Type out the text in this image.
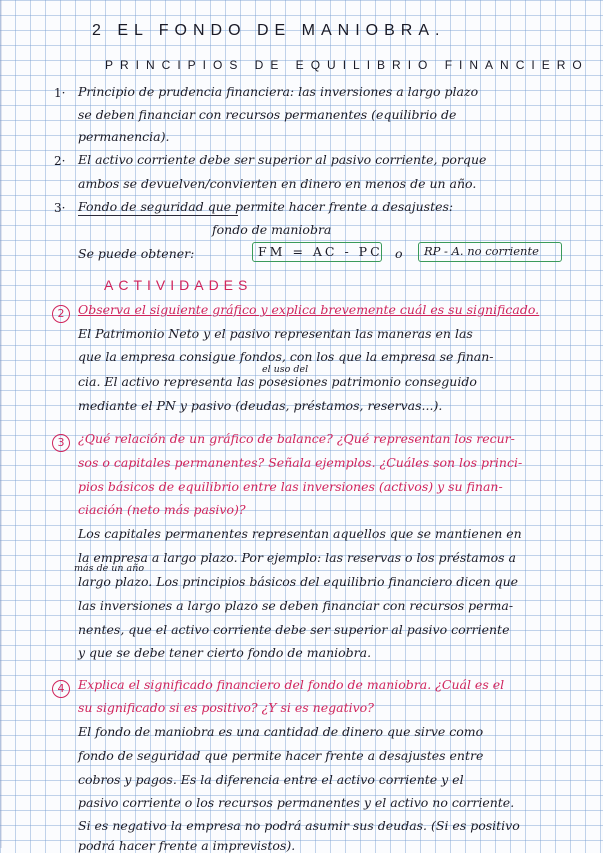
2 EL FONDO DE MANIOBRA.
PRINCIPIOS DE EQUILIBRIO FINANCIERO
1· Principio de prudencia financiera: las inversiones a largo plazo
se deben financiar con recursos permanentes (equilibrio de
permanencia).
2· El activo corriente debe ser superior al pasivo corriente, porque
ambos se devuelven/convierten en dinero en menos de un año.
3· Fondo de seguridad que permite hacer frente a desajustes:
fondo de maniobra
Se puede obtener:	FM = AC - PC o RP - A. no corriente
ACTIVIDADES
2	Observa el siguiente gráfico y explica brevemente cuál es su significado.
El Patrimonio Neto y el pasivo representan las maneras en las
que la empresa consigue fondos, con los que la empresa se finan-
el uso del
cia. El activo representa las posesiones patrimonio conseguido
mediante el PN y pasivo (deudas, préstamos, reservas...).
3	¿Qué relación de un gráfico de balance? ¿Qué representan los recur-
sos o capitales permanentes? Señala ejemplos. ¿Cuáles son los princi-
pios básicos de equilibrio entre las inversiones (activos) y su finan-
ciación (neto más pasivo)?
Los capitales permanentes representan aquellos que se mantienen en
la empresa a largo plazo. Por ejemplo: las reservas o los préstamos a
más de un año
largo plazo. Los principios básicos del equilibrio financiero dicen que
las inversiones a largo plazo se deben financiar con recursos perma-
nentes, que el activo corriente debe ser superior al pasivo corriente
y que se debe tener cierto fondo de maniobra.
4	Explica el significado financiero del fondo de maniobra. ¿Cuál es el
su significado si es positivo? ¿Y si es negativo?
El fondo de maniobra es una cantidad de dinero que sirve como
fondo de seguridad que permite hacer frente a desajustes entre
cobros y pagos. Es la diferencia entre el activo corriente y el
pasivo corriente o los recursos permanentes y el activo no corriente.
Si es negativo la empresa no podrá asumir sus deudas. (Si es positivo
podrá hacer frente a imprevistos).
